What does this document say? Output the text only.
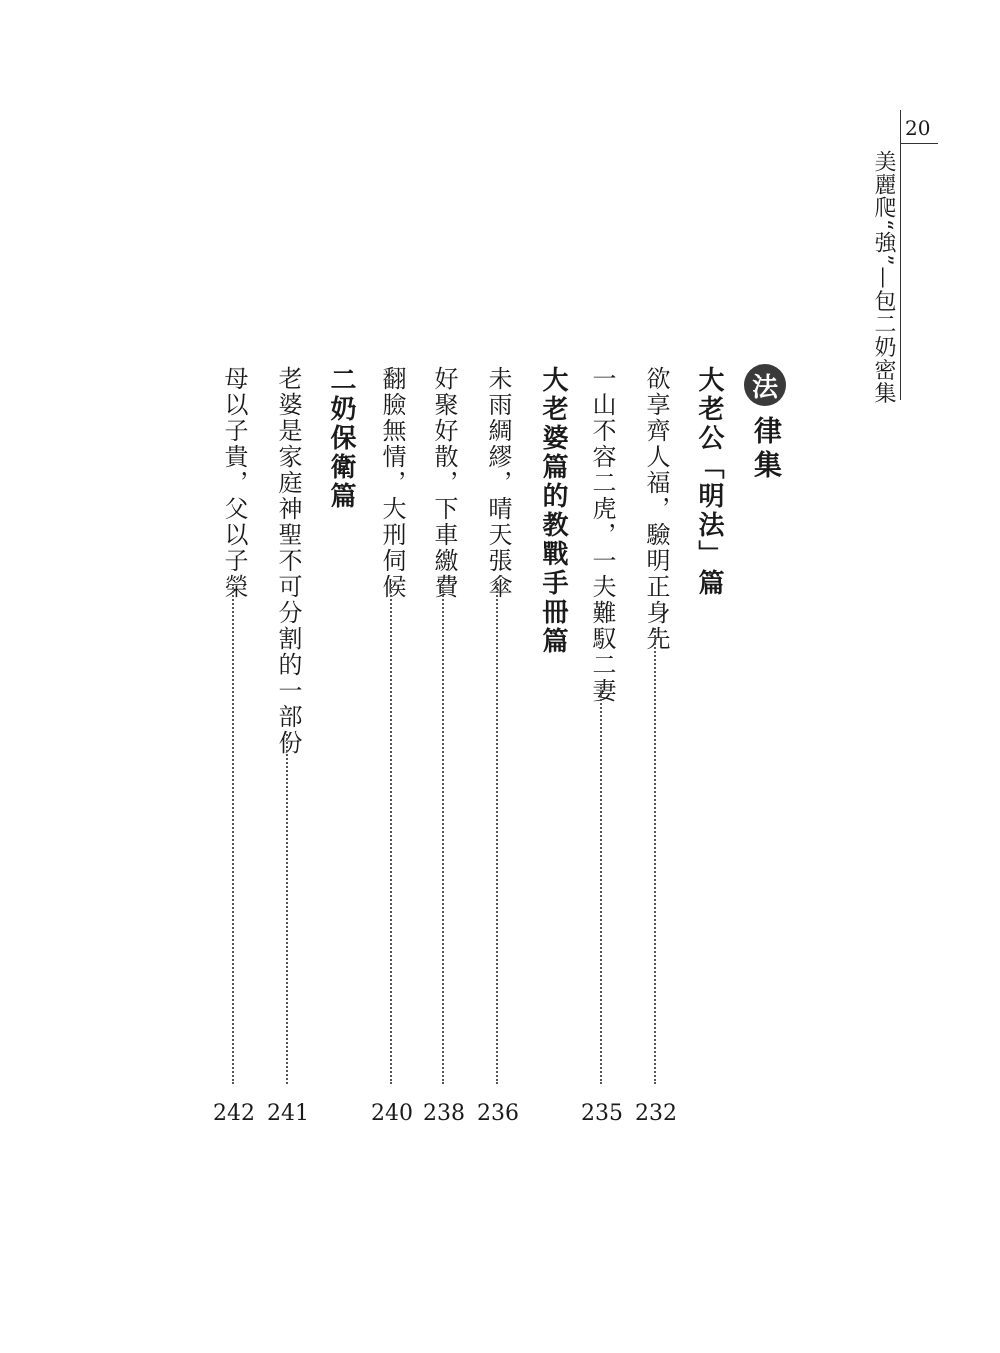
20
美麗爬“強”—包二奶密集
法
律集
大老公「明法」篇
欲享齊人福，驗明正身先
232
一山不容二虎，一夫難馭二妻
235
大老婆篇的教戰手冊篇
未雨綢繆，晴天張傘
236
好聚好散，下車繳費
238
翻臉無情，大刑伺候
240
二奶保衛篇
老婆是家庭神聖不可分割的一部份
241
母以子貴，父以子榮
242
